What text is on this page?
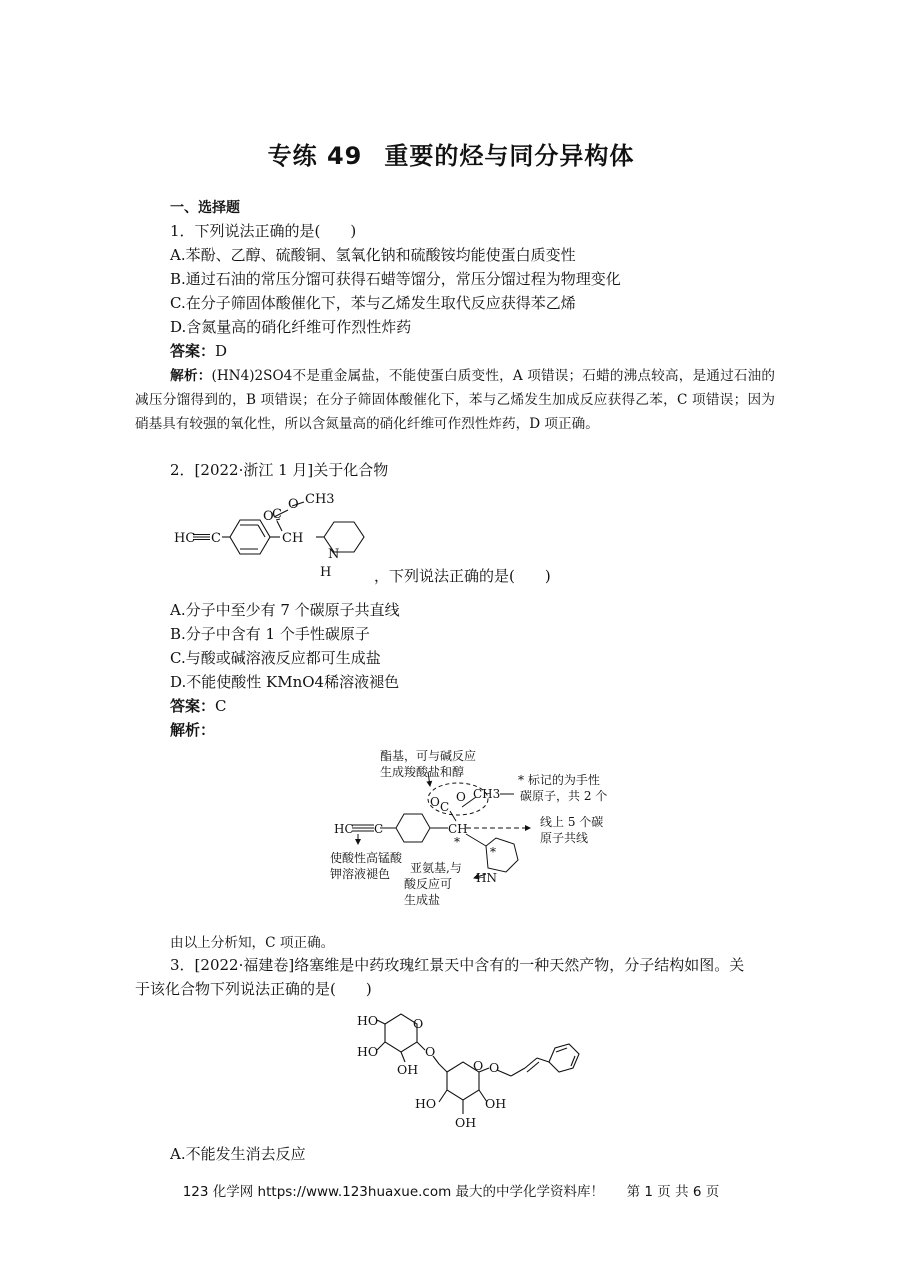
专练 49 重要的烃与同分异构体
一、选择题
1．下列说法正确的是(　　)
A.苯酚、乙醇、硫酸铜、氢氧化钠和硫酸铵均能使蛋白质变性
B.通过石油的常压分馏可获得石蜡等馏分，常压分馏过程为物理变化
C.在分子筛固体酸催化下，苯与乙烯发生取代反应获得苯乙烯
D.含氮量高的硝化纤维可作烈性炸药
答案：D
解析：(HN4)2SO4不是重金属盐，不能使蛋白质变性，A 项错误；石蜡的沸点较高，是通过石油的减压分馏得到的，B 项错误；在分子筛固体酸催化下，苯与乙烯发生加成反应获得乙苯，C 项错误；因为硝基具有较强的氧化性，所以含氮量高的硝化纤维可作烈性炸药，D 项正确。
2．[2022·浙江 1 月]关于化合物
HC C	CH
C
O
O CH3
N
H	，下列说法正确的是(　　)
A.分子中至少有 7 个碳原子共直线
B.分子中含有 1 个手性碳原子
C.与酸或碱溶液反应都可生成盐
D.不能使酸性 KMnO4稀溶液褪色
答案：C
解析：
HC C	CH
*
C
O O CH3
HN
*
酯基，可与碱反应
生成羧酸盐和醇
* 标记的为手性
碳原子，共 2 个
线上 5 个碳
原子共线
使酸性高锰酸
钾溶液褪色 亚氨基,与
酸反应可
生成盐
由以上分析知，C 项正确。
3．[2022·福建卷]络塞维是中药玫瑰红景天中含有的一种天然产物，分子结构如图。关
于该化合物下列说法正确的是(　　)
HO
HO
OH
O
O
O O
HO
OH
OH
A.不能发生消去反应
123 化学网 https://www.123huaxue.com 最大的中学化学资料库！ 第 1 页 共 6 页
